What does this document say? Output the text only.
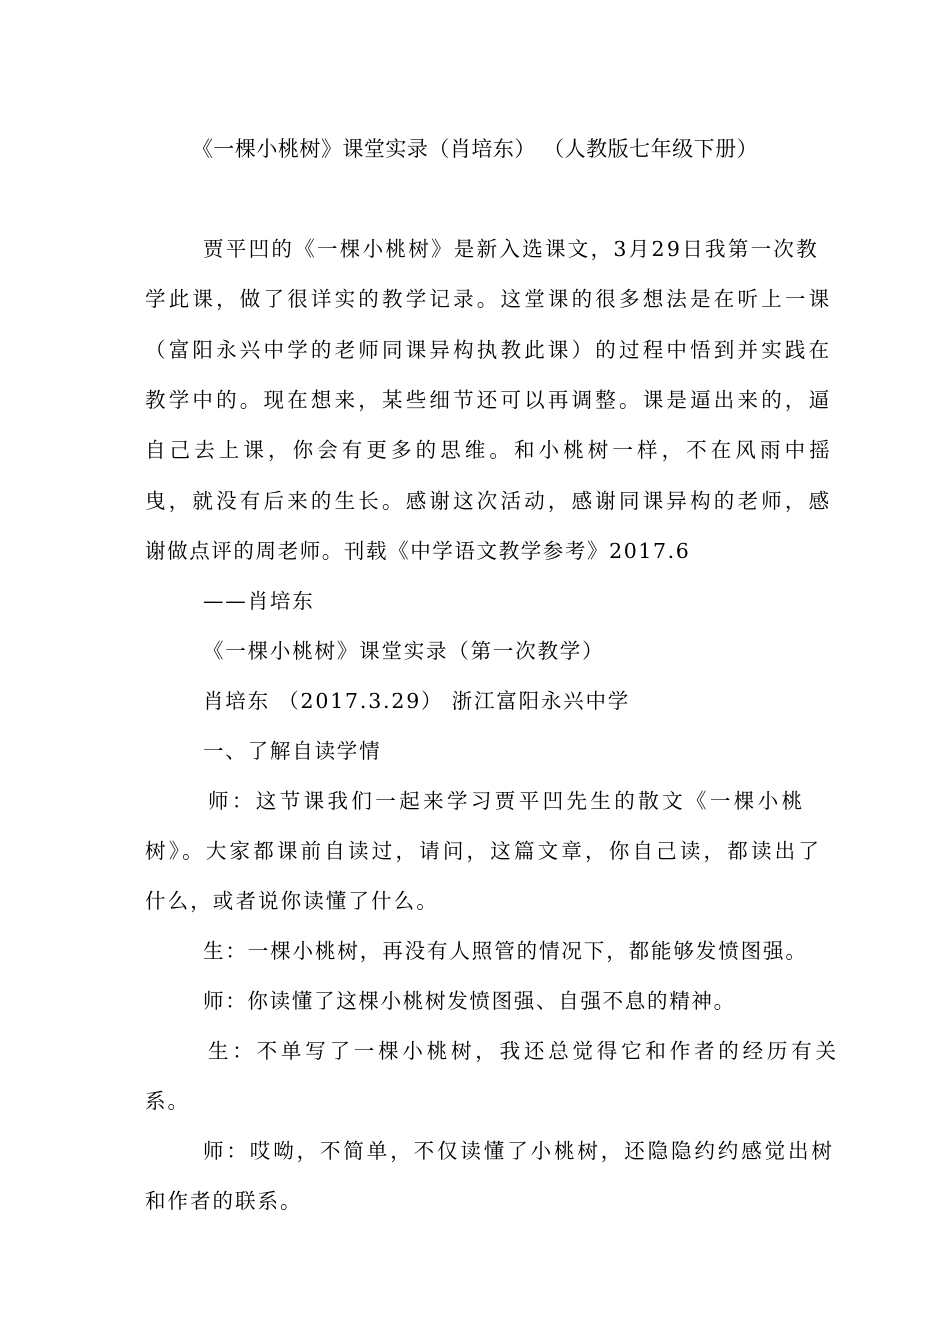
《一棵小桃树》课堂实录（肖培东） （人教版七年级下册）
贾平凹的《一棵小桃树》是新入选课文，3月29日我第一次教
学此课，做了很详实的教学记录。这堂课的很多想法是在听上一课
（富阳永兴中学的老师同课异构执教此课）的过程中悟到并实践在
教学中的。现在想来，某些细节还可以再调整。课是逼出来的，逼
自己去上课，你会有更多的思维。和小桃树一样，不在风雨中摇
曳，就没有后来的生长。感谢这次活动，感谢同课异构的老师，感
谢做点评的周老师。刊载《中学语文教学参考》2017.6
——肖培东
《一棵小桃树》课堂实录（第一次教学）
肖培东 （2017.3.29） 浙江富阳永兴中学
一、了解自读学情
师：这节课我们一起来学习贾平凹先生的散文《一棵小桃
树》。大家都课前自读过，请问，这篇文章，你自己读，都读出了
什么，或者说你读懂了什么。
生：一棵小桃树，再没有人照管的情况下，都能够发愤图强。
师：你读懂了这棵小桃树发愤图强、自强不息的精神。
生：不单写了一棵小桃树，我还总觉得它和作者的经历有关
系。
师：哎呦，不简单，不仅读懂了小桃树，还隐隐约约感觉出树
和作者的联系。
